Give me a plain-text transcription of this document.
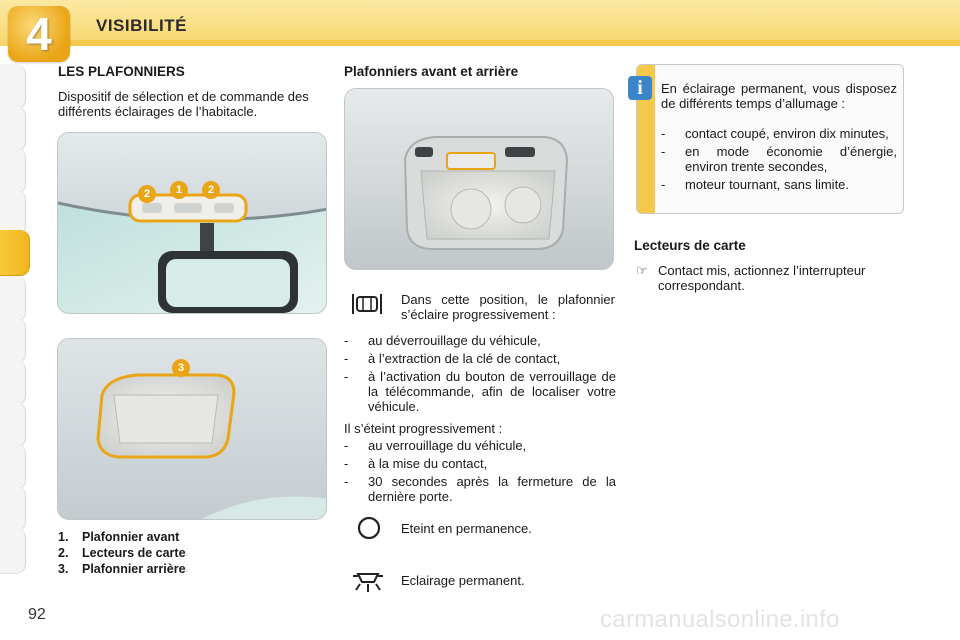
4	VISIBILITÉ
LES PLAFONNIERS
Dispositif de sélection et de commande des différents éclairages de l’habitacle.
2	1	2
3
1.	Plafonnier avant
2.	Lecteurs de carte
3.	Plafonnier arrière
Plafonniers avant et arrière
Dans cette position, le plafonnier s’éclaire progressivement :
-	au déverrouillage du véhicule,
-	à l’extraction de la clé de contact,
-	à l’activation du bouton de verrouillage de la télécommande, afin de localiser votre véhicule.
Il s’éteint progressivement :
-	au verrouillage du véhicule,
-	à la mise du contact,
-	30 secondes après la fermeture de la dernière porte.
Eteint en permanence.
Eclairage permanent.
En éclairage permanent, vous disposez de différents temps d’allumage :
-	contact coupé, environ dix minutes,
-	en mode économie d’énergie, environ trente secondes,
-	moteur tournant, sans limite.
i
Lecteurs de carte
☞ Contact mis, actionnez l’interrupteur correspondant.
92	carmanualsonline.info
